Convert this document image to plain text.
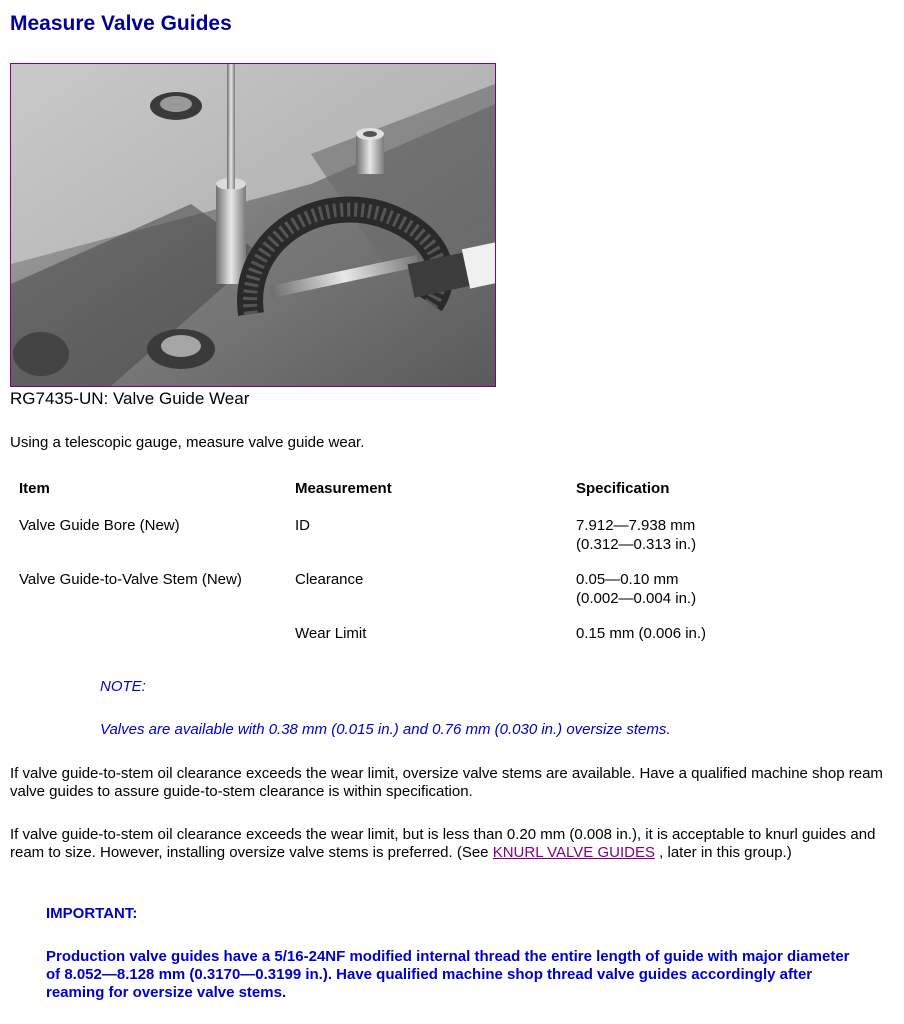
Measure Valve Guides
RG7435-UN: Valve Guide Wear
Using a telescopic gauge, measure valve guide wear.
Item	Measurement	Specification
Valve Guide Bore (New)	ID	7.912—7.938 mm
(0.312—0.313 in.)

Valve Guide-to-Valve Stem (New)	Clearance	0.05—0.10 mm
(0.002—0.004 in.)

	Wear Limit	0.15 mm (0.006 in.)
NOTE:
Valves are available with 0.38 mm (0.015 in.) and 0.76 mm (0.030 in.) oversize stems.

If valve guide-to-stem oil clearance exceeds the wear limit, oversize valve stems are available. Have a qualified machine shop ream valve guides to assure guide-to-stem clearance is within specification.

If valve guide-to-stem oil clearance exceeds the wear limit, but is less than 0.20 mm (0.008 in.), it is acceptable to knurl guides and ream to size. However, installing oversize valve stems is preferred. (See KNURL VALVE GUIDES , later in this group.)

IMPORTANT:

Production valve guides have a 5/16-24NF modified internal thread the entire length of guide with major diameter of 8.052—8.128 mm (0.3170—0.3199 in.). Have qualified machine shop thread valve guides accordingly after reaming for oversize valve stems.
